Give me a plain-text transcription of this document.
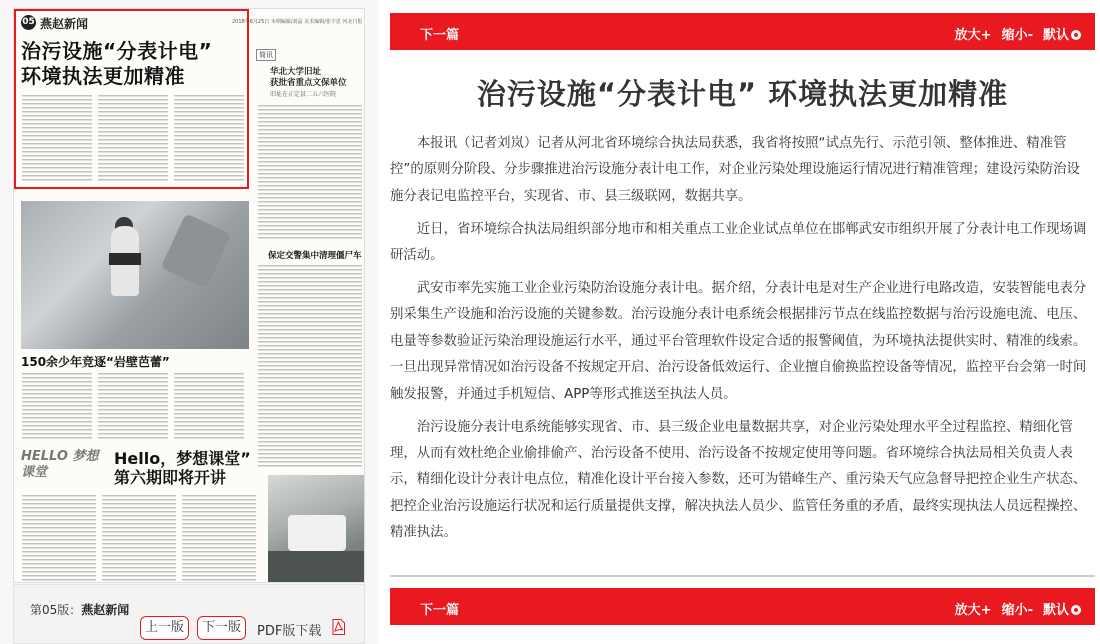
05 燕赵新闻	2018年6月25日 本期编辑/刘晶 美术编辑/张宇思 河北日报
治污设施“分表计电”
环境执法更加精准
简讯
华北大学旧址
获批省重点文保单位
旧址在正定县二五六医院
150余少年竞逐“岩壁芭蕾”
保定交警集中清理僵尸车
HELLO 梦想课堂
Hello，梦想课堂”
第六期即将开讲
第05版：燕赵新闻
上一版	下一版	PDF版下载
下一篇	放大+ 缩小- 默认
治污设施“分表计电” 环境执法更加精准

本报讯（记者刘岚）记者从河北省环境综合执法局获悉，我省将按照“试点先行、示范引领、整体推进、精准管控”的原则分阶段、分步骤推进治污设施分表计电工作，对企业污染处理设施运行情况进行精准管理；建设污染防治设施分表记电监控平台，实现省、市、县三级联网，数据共享。

近日，省环境综合执法局组织部分地市和相关重点工业企业试点单位在邯郸武安市组织开展了分表计电工作现场调研活动。

武安市率先实施工业企业污染防治设施分表计电。据介绍，分表计电是对生产企业进行电路改造，安装智能电表分别采集生产设施和治污设施的关键参数。治污设施分表计电系统会根据排污节点在线监控数据与治污设施电流、电压、电量等参数验证污染治理设施运行水平，通过平台管理软件设定合适的报警阈值，为环境执法提供实时、精准的线索。一旦出现异常情况如治污设备不按规定开启、治污设备低效运行、企业擅自偷换监控设备等情况，监控平台会第一时间触发报警，并通过手机短信、APP等形式推送至执法人员。

治污设施分表计电系统能够实现省、市、县三级企业电量数据共享，对企业污染处理水平全过程监控、精细化管理，从而有效杜绝企业偷排偷产、治污设备不使用、治污设备不按规定使用等问题。省环境综合执法局相关负责人表示，精细化设计分表计电点位，精准化设计平台接入参数，还可为错峰生产、重污染天气应急督导把控企业生产状态、把控企业治污设施运行状况和运行质量提供支撑，解决执法人员少、监管任务重的矛盾，最终实现执法人员远程操控、精准执法。

下一篇	放大+ 缩小- 默认
